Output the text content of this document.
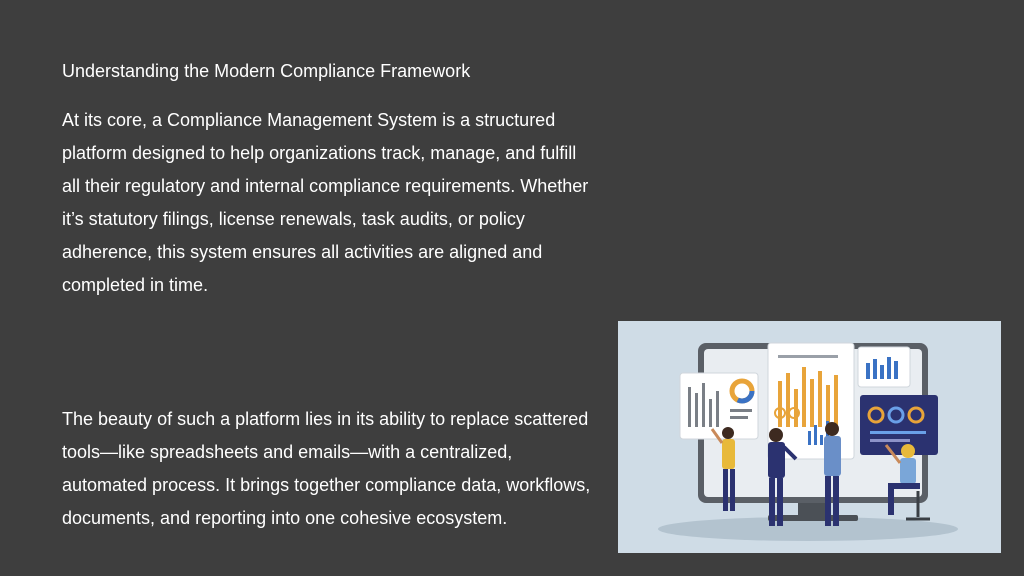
Understanding the Modern Compliance Framework

At its core, a Compliance Management System is a structured platform designed to help organizations track, manage, and fulfill all their regulatory and internal compliance requirements. Whether it’s statutory filings, license renewals, task audits, or policy adherence, this system ensures all activities are aligned and completed in time.

The beauty of such a platform lies in its ability to replace scattered tools—like spreadsheets and emails—with a centralized, automated process. It brings together compliance data, workflows, documents, and reporting into one cohesive ecosystem.
